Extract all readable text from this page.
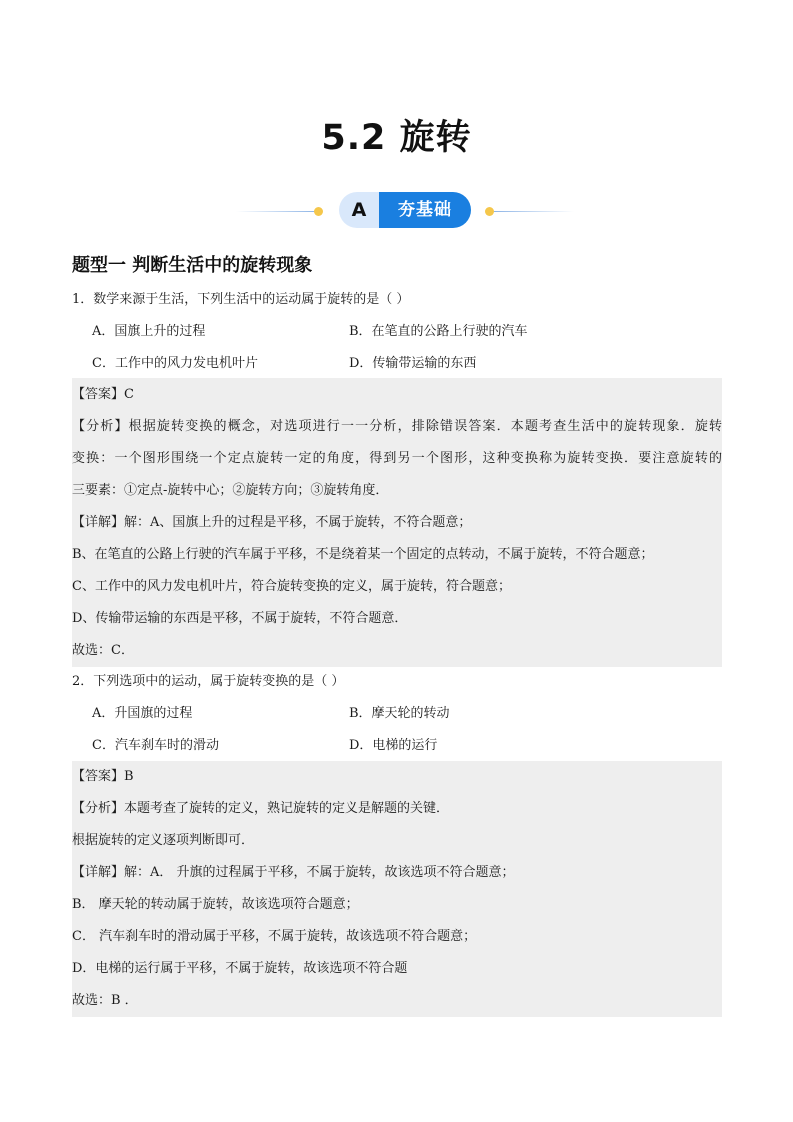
5.2 旋转
A	夯基础
题型一 判断生活中的旋转现象
1．数学来源于生活，下列生活中的运动属于旋转的是（ ）
A．国旗上升的过程	B．在笔直的公路上行驶的汽车
C．工作中的风力发电机叶片	D．传输带运输的东西
【答案】C
【分析】根据旋转变换的概念，对选项进行一一分析，排除错误答案．本题考查生活中的旋转现象．旋转
变换：一个图形围绕一个定点旋转一定的角度，得到另一个图形，这种变换称为旋转变换．要注意旋转的
三要素：①定点-旋转中心；②旋转方向；③旋转角度．
【详解】解：A、国旗上升的过程是平移，不属于旋转，不符合题意；
B、在笔直的公路上行驶的汽车属于平移，不是绕着某一个固定的点转动，不属于旋转，不符合题意；
C、工作中的风力发电机叶片，符合旋转变换的定义，属于旋转，符合题意；
D、传输带运输的东西是平移，不属于旋转，不符合题意．
故选：C．
2．下列选项中的运动，属于旋转变换的是（ ）
A．升国旗的过程	B．摩天轮的转动
C．汽车刹车时的滑动	D．电梯的运行
【答案】B
【分析】本题考查了旋转的定义，熟记旋转的定义是解题的关键．
根据旋转的定义逐项判断即可．
【详解】解：A． 升旗的过程属于平移，不属于旋转，故该选项不符合题意；
B． 摩天轮的转动属于旋转，故该选项符合题意；
C． 汽车刹车时的滑动属于平移，不属于旋转，故该选项不符合题意；
D．电梯的运行属于平移，不属于旋转，故该选项不符合题
故选：B ．
